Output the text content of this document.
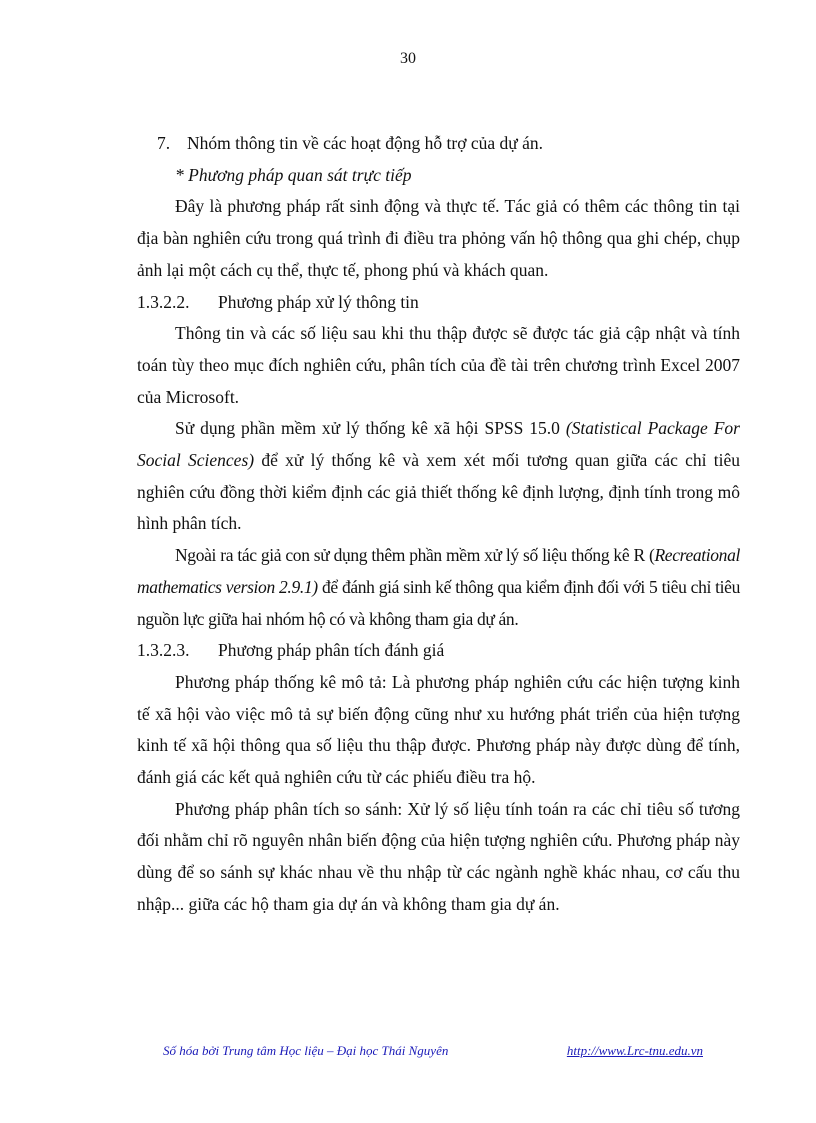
30

7. Nhóm thông tin về các hoạt động hỗ trợ của dự án.

* Phương pháp quan sát trực tiếp

Đây là phương pháp rất sinh động và thực tế. Tác giả có thêm các thông tin tại địa bàn nghiên cứu trong quá trình đi điều tra phỏng vấn hộ thông qua ghi chép, chụp ảnh lại một cách cụ thể, thực tế, phong phú và khách quan.

1.3.2.2. Phương pháp xử lý thông tin

Thông tin và các số liệu sau khi thu thập được sẽ được tác giả cập nhật và tính toán tùy theo mục đích nghiên cứu, phân tích của đề tài trên chương trình Excel 2007 của Microsoft.

Sử dụng phần mềm xử lý thống kê xã hội SPSS 15.0 (Statistical Package For Social Sciences) để xử lý thống kê và xem xét mối tương quan giữa các chỉ tiêu nghiên cứu đồng thời kiểm định các giả thiết thống kê định lượng, định tính trong mô hình phân tích.

Ngoài ra tác giả con sử dụng thêm phần mềm xử lý số liệu thống kê R (Recreational mathematics version 2.9.1) để đánh giá sinh kế thông qua kiểm định đối với 5 tiêu chỉ tiêu nguồn lực giữa hai nhóm hộ có và không tham gia dự án.

1.3.2.3. Phương pháp phân tích đánh giá

Phương pháp thống kê mô tả: Là phương pháp nghiên cứu các hiện tượng kinh tế xã hội vào việc mô tả sự biến động cũng như xu hướng phát triển của hiện tượng kinh tế xã hội thông qua số liệu thu thập được. Phương pháp này được dùng để tính, đánh giá các kết quả nghiên cứu từ các phiếu điều tra hộ.

Phương pháp phân tích so sánh: Xử lý số liệu tính toán ra các chỉ tiêu số tương đối nhằm chỉ rõ nguyên nhân biến động của hiện tượng nghiên cứu. Phương pháp này dùng để so sánh sự khác nhau về thu nhập từ các ngành nghề khác nhau, cơ cấu thu nhập... giữa các hộ tham gia dự án và không tham gia dự án.

Số hóa bởi Trung tâm Học liệu – Đại học Thái Nguyên	http://www.Lrc-tnu.edu.vn
